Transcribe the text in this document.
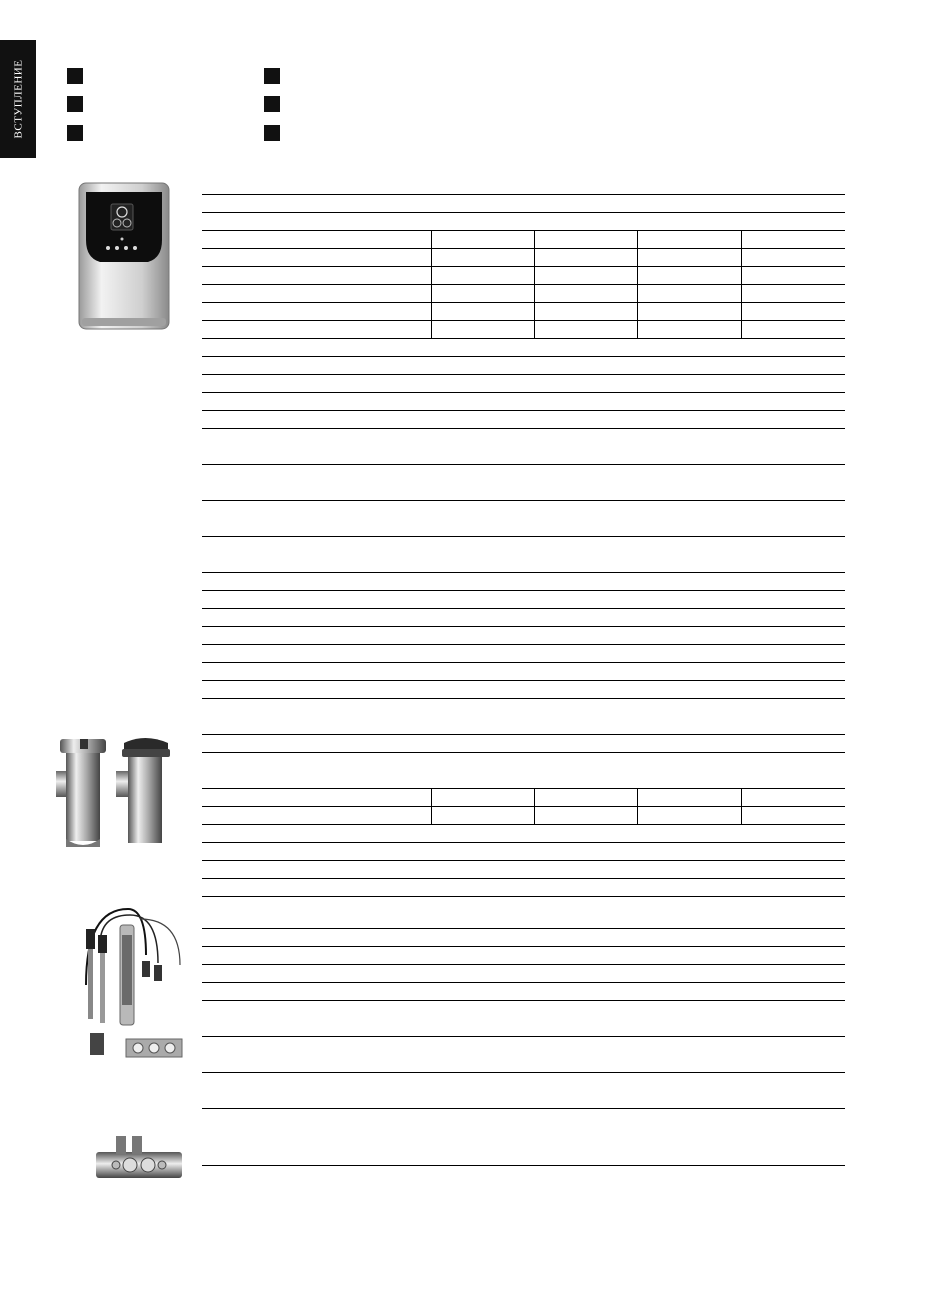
ВСТУПЛЕНИЕ
